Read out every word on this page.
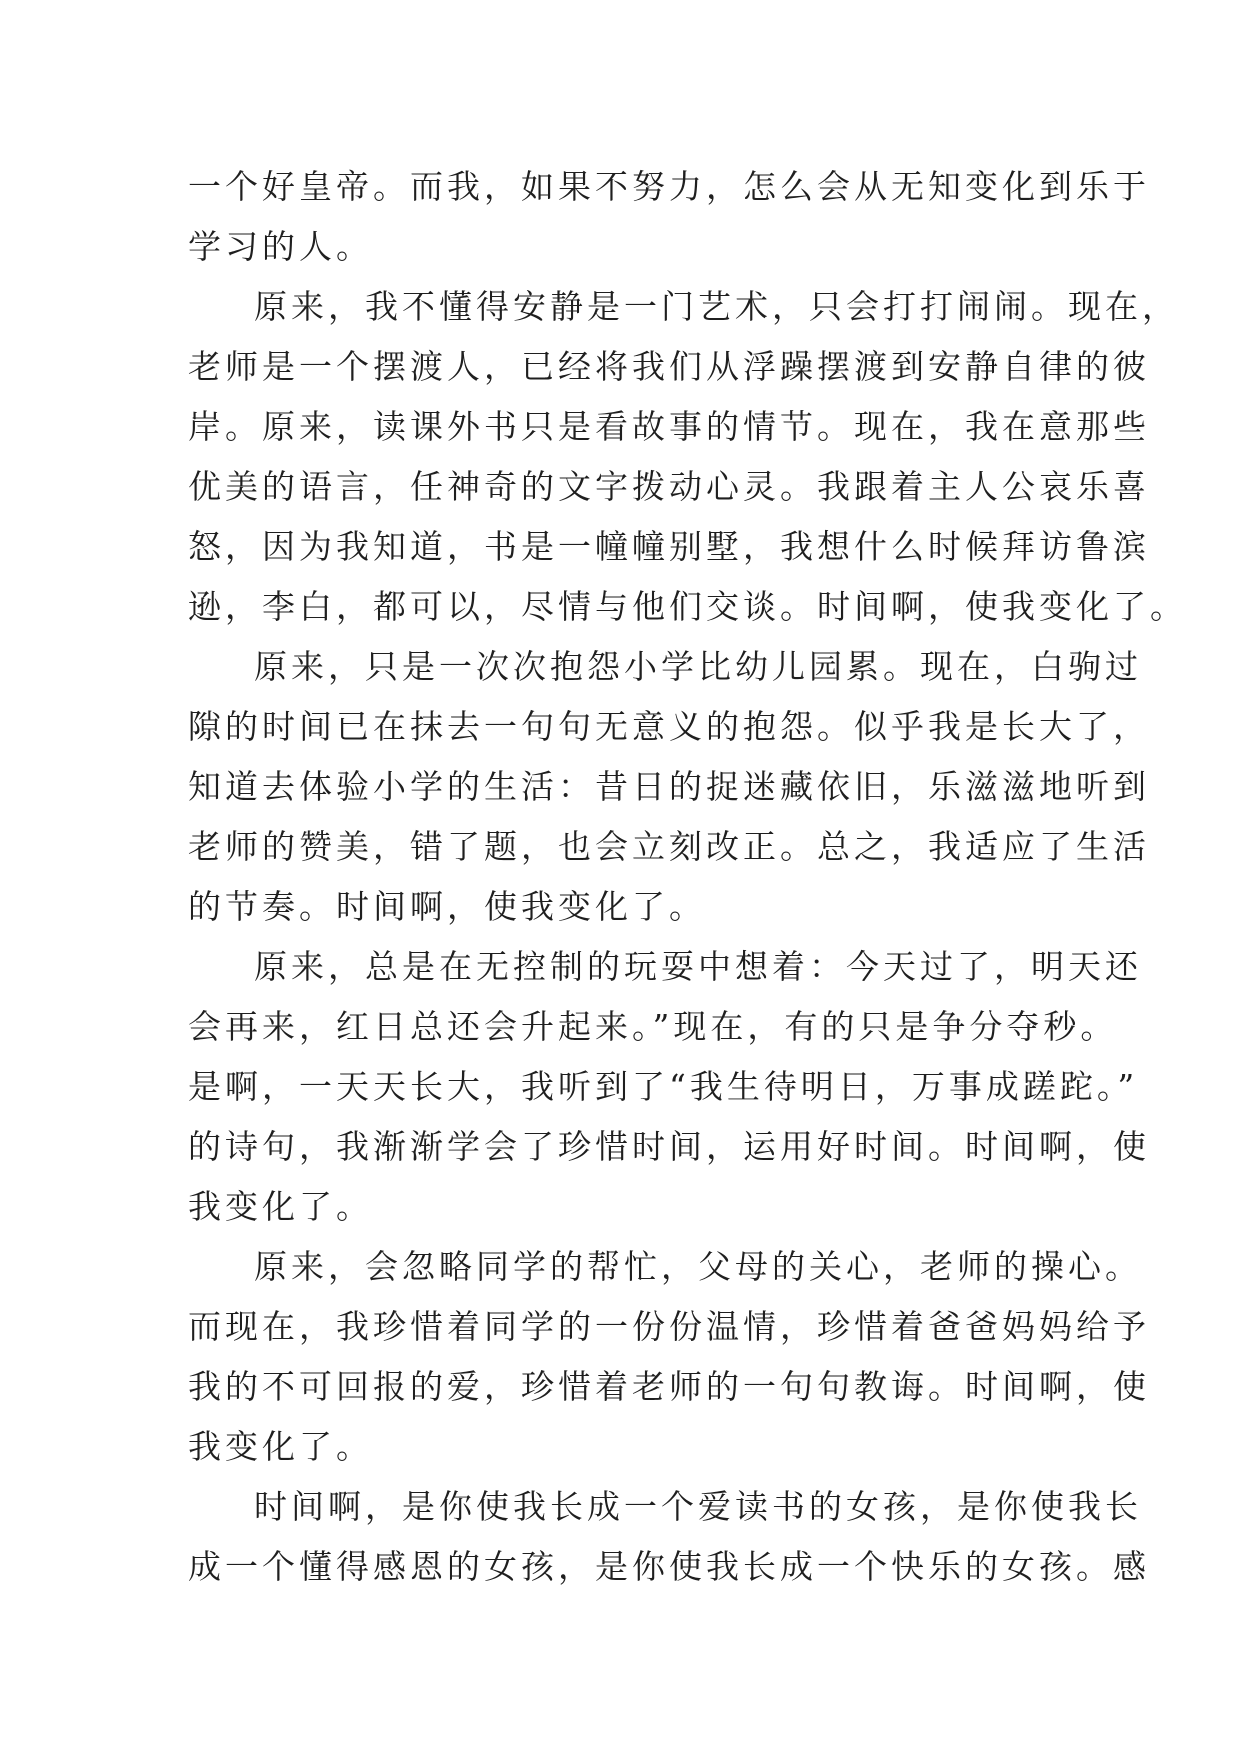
一个好皇帝。而我，如果不努力，怎么会从无知变化到乐于
学习的人。
原来，我不懂得安静是一门艺术，只会打打闹闹。现在，
老师是一个摆渡人，已经将我们从浮躁摆渡到安静自律的彼
岸。原来，读课外书只是看故事的情节。现在，我在意那些
优美的语言，任神奇的文字拨动心灵。我跟着主人公哀乐喜
怒，因为我知道，书是一幢幢别墅，我想什么时候拜访鲁滨
逊，李白，都可以，尽情与他们交谈。时间啊，使我变化了。
原来，只是一次次抱怨小学比幼儿园累。现在，白驹过
隙的时间已在抹去一句句无意义的抱怨。似乎我是长大了，
知道去体验小学的生活：昔日的捉迷藏依旧，乐滋滋地听到
老师的赞美，错了题，也会立刻改正。总之，我适应了生活
的节奏。时间啊，使我变化了。
原来，总是在无控制的玩耍中想着：今天过了，明天还
会再来，红日总还会升起来。”现在，有的只是争分夺秒。
是啊，一天天长大，我听到了“我生待明日，万事成蹉跎。”
的诗句，我渐渐学会了珍惜时间，运用好时间。时间啊，使
我变化了。
原来，会忽略同学的帮忙，父母的关心，老师的操心。
而现在，我珍惜着同学的一份份温情，珍惜着爸爸妈妈给予
我的不可回报的爱，珍惜着老师的一句句教诲。时间啊，使
我变化了。
时间啊，是你使我长成一个爱读书的女孩，是你使我长
成一个懂得感恩的女孩，是你使我长成一个快乐的女孩。感
